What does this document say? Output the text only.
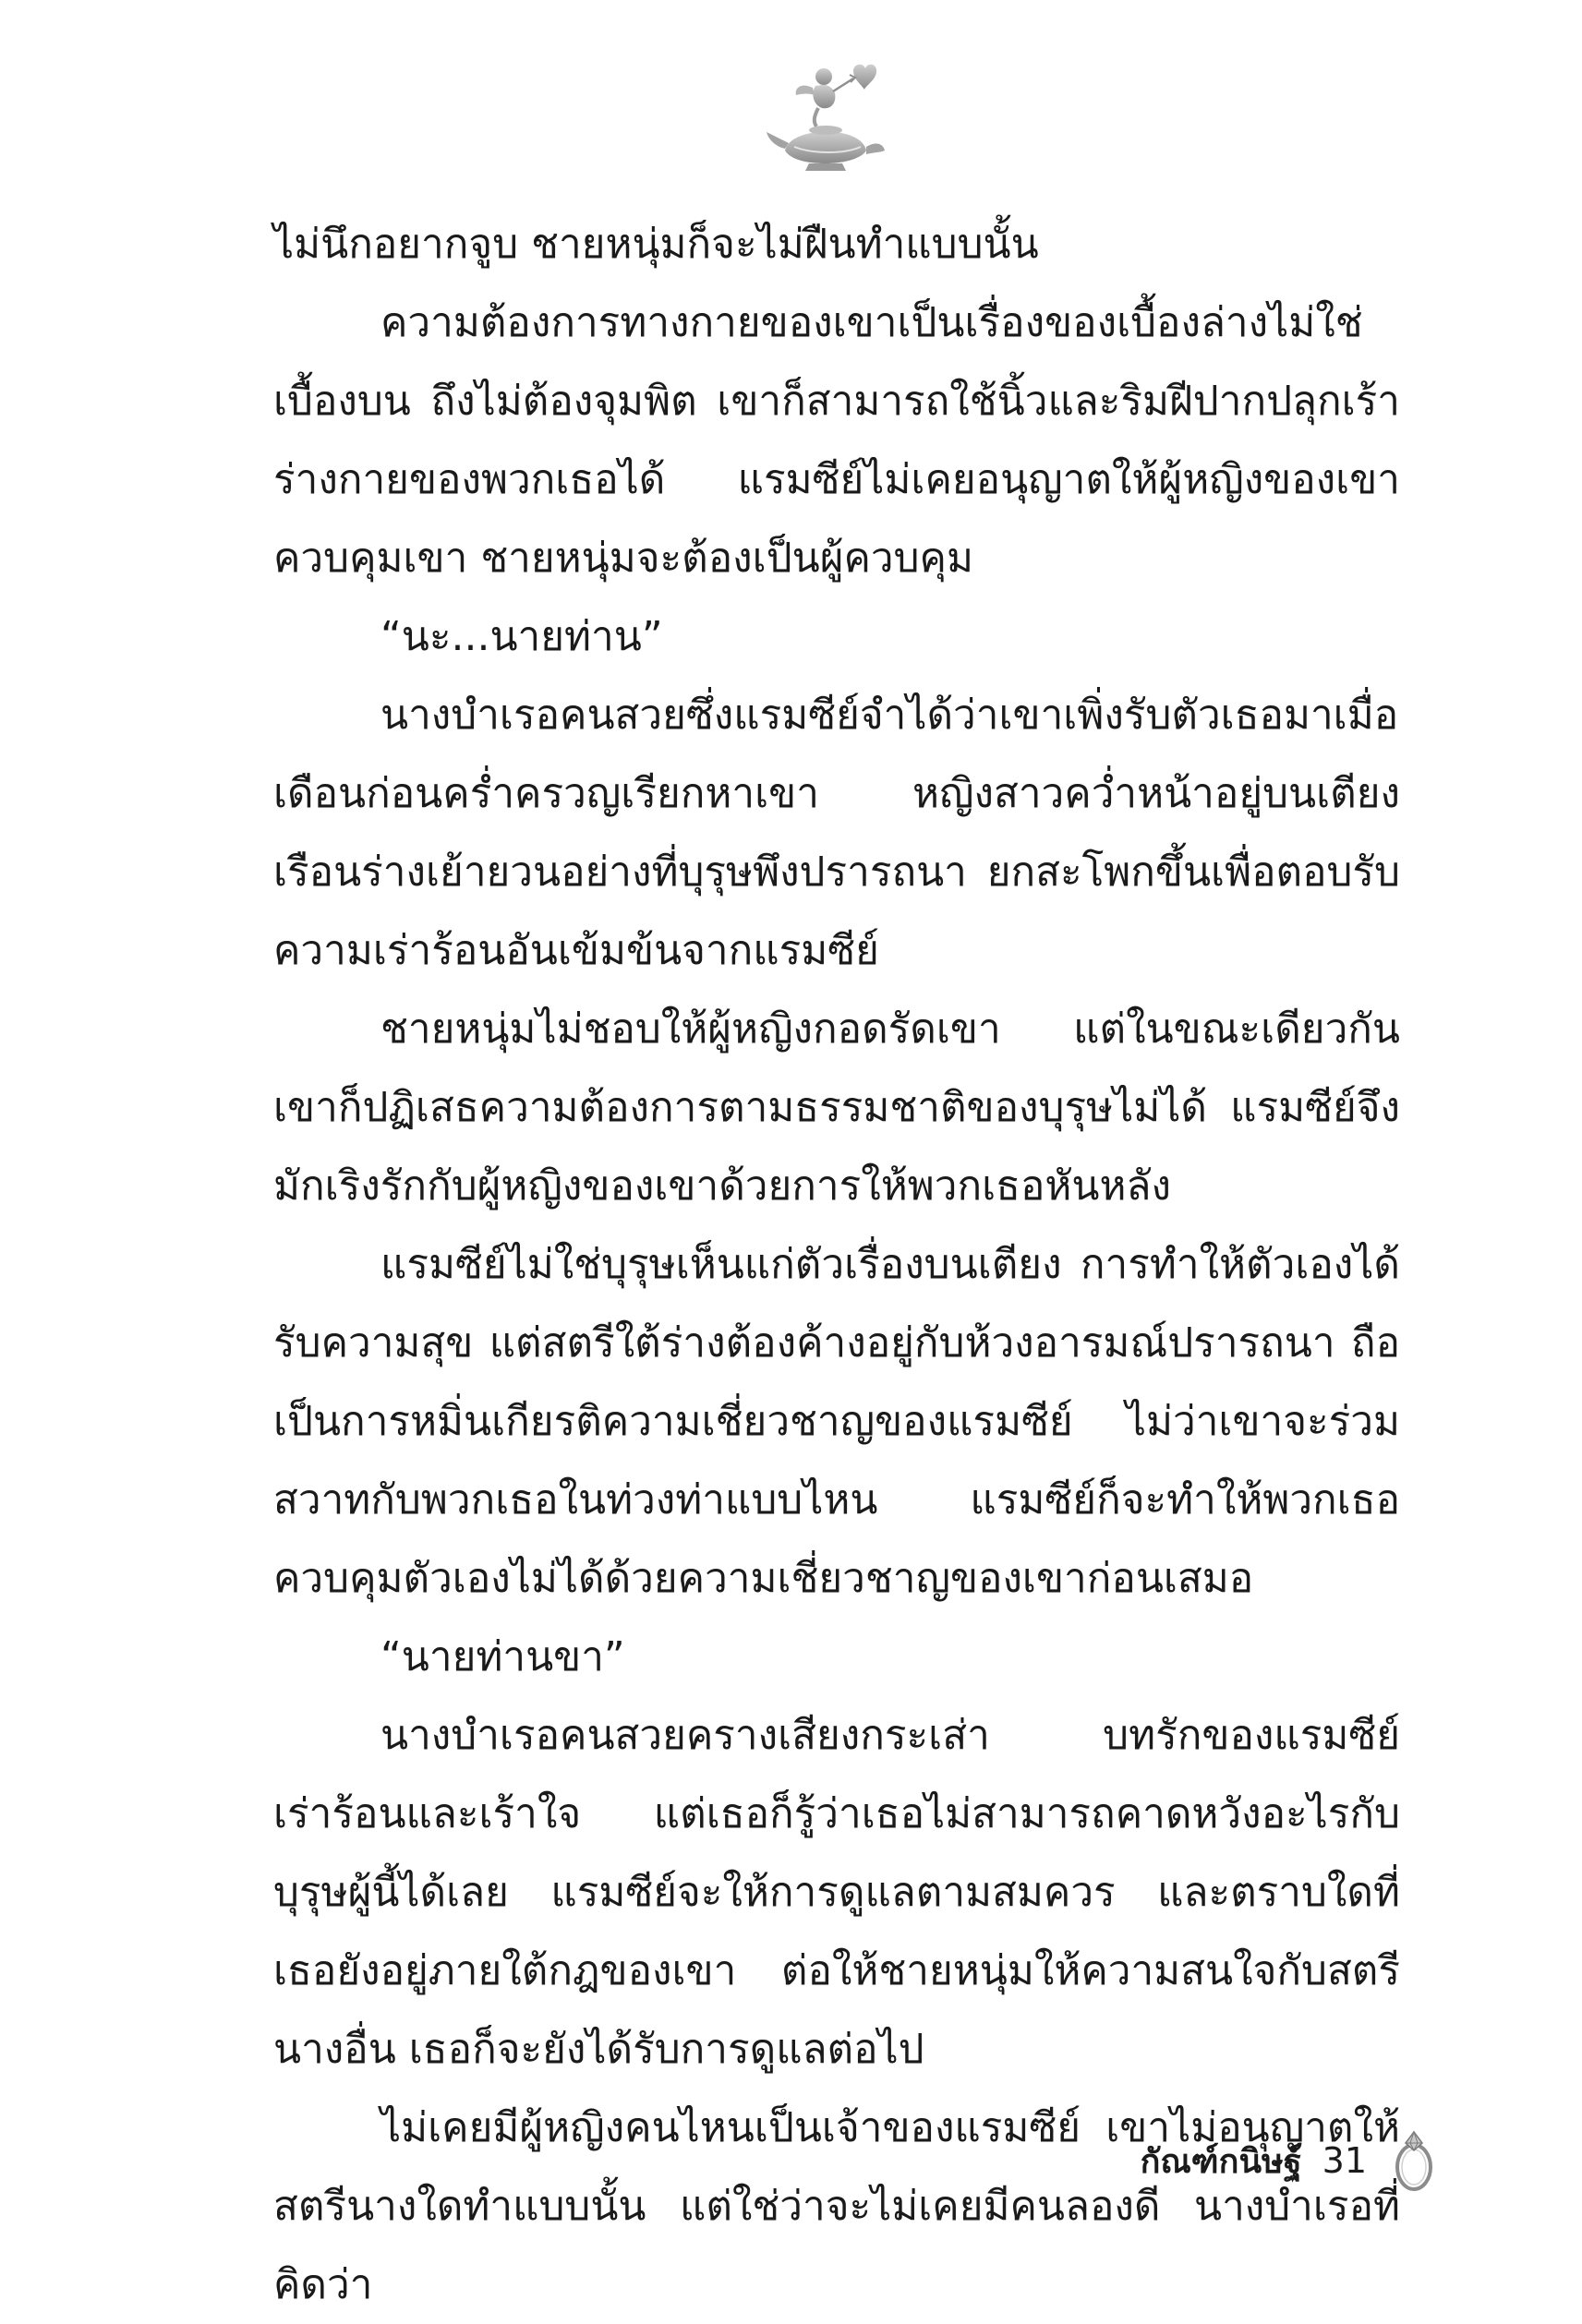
ไม่นึกอยากจูบ ชายหนุ่มก็จะไม่ฝืนทำแบบนั้น

ความต้องการทางกายของเขาเป็นเรื่องของเบื้องล่างไม่ใช่เบื้องบน ถึงไม่ต้องจุมพิต เขาก็สามารถใช้นิ้วและริมฝีปากปลุกเร้าร่างกายของพวกเธอได้ แรมซีย์ไม่เคยอนุญาตให้ผู้หญิงของเขาควบคุมเขา ชายหนุ่มจะต้องเป็นผู้ควบคุม

“นะ...นายท่าน”

นางบำเรอคนสวยซึ่งแรมซีย์จำได้ว่าเขาเพิ่งรับตัวเธอมาเมื่อเดือนก่อนคร่ำครวญเรียกหาเขา หญิงสาวคว่ำหน้าอยู่บนเตียง เรือนร่างเย้ายวนอย่างที่บุรุษพึงปรารถนา ยกสะโพกขึ้นเพื่อตอบรับความเร่าร้อนอันเข้มข้นจากแรมซีย์

ชายหนุ่มไม่ชอบให้ผู้หญิงกอดรัดเขา แต่ในขณะเดียวกันเขาก็ปฏิเสธความต้องการตามธรรมชาติของบุรุษไม่ได้ แรมซีย์จึงมักเริงรักกับผู้หญิงของเขาด้วยการให้พวกเธอหันหลัง

แรมซีย์ไม่ใช่บุรุษเห็นแก่ตัวเรื่องบนเตียง การทำให้ตัวเองได้รับความสุข แต่สตรีใต้ร่างต้องค้างอยู่กับห้วงอารมณ์ปรารถนา ถือเป็นการหมิ่นเกียรติความเชี่ยวชาญของแรมซีย์ ไม่ว่าเขาจะร่วมสวาทกับพวกเธอในท่วงท่าแบบไหน แรมซีย์ก็จะทำให้พวกเธอควบคุมตัวเองไม่ได้ด้วยความเชี่ยวชาญของเขาก่อนเสมอ

“นายท่านขา”

นางบำเรอคนสวยครางเสียงกระเส่า บทรักของแรมซีย์เร่าร้อนและเร้าใจ แต่เธอก็รู้ว่าเธอไม่สามารถคาดหวังอะไรกับบุรุษผู้นี้ได้เลย แรมซีย์จะให้การดูแลตามสมควร และตราบใดที่เธอยังอยู่ภายใต้กฎของเขา ต่อให้ชายหนุ่มให้ความสนใจกับสตรีนางอื่น เธอก็จะยังได้รับการดูแลต่อไป

ไม่เคยมีผู้หญิงคนไหนเป็นเจ้าของแรมซีย์ เขาไม่อนุญาตให้สตรีนางใดทำแบบนั้น แต่ใช่ว่าจะไม่เคยมีคนลองดี นางบำเรอที่คิดว่า

กัณฑ์กนิษฐ์ 31
